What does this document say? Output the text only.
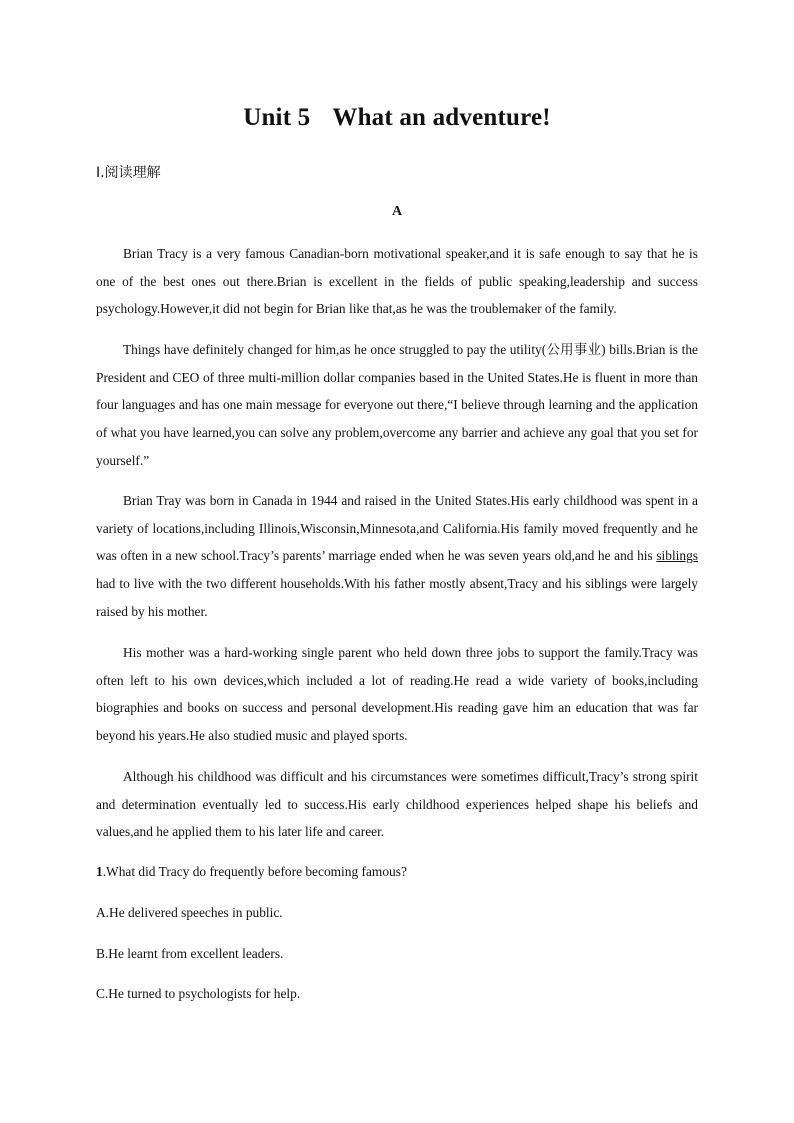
Unit 5 What an adventure!
Ⅰ.阅读理解
A
Brian Tracy is a very famous Canadian-born motivational speaker,and it is safe enough to say that he is one of the best ones out there.Brian is excellent in the fields of public speaking,leadership and success psychology.However,it did not begin for Brian like that,as he was the troublemaker of the family.
Things have definitely changed for him,as he once struggled to pay the utility(公用事业) bills.Brian is the President and CEO of three multi-million dollar companies based in the United States.He is fluent in more than four languages and has one main message for everyone out there,“I believe through learning and the application of what you have learned,you can solve any problem,overcome any barrier and achieve any goal that you set for yourself.”
Brian Tray was born in Canada in 1944 and raised in the United States.His early childhood was spent in a variety of locations,including Illinois,Wisconsin,Minnesota,and California.His family moved frequently and he was often in a new school.Tracy’s parents’ marriage ended when he was seven years old,and he and his siblings had to live with the two different households.With his father mostly absent,Tracy and his siblings were largely raised by his mother.
His mother was a hard-working single parent who held down three jobs to support the family.Tracy was often left to his own devices,which included a lot of reading.He read a wide variety of books,including biographies and books on success and personal development.His reading gave him an education that was far beyond his years.He also studied music and played sports.
Although his childhood was difficult and his circumstances were sometimes difficult,Tracy’s strong spirit and determination eventually led to success.His early childhood experiences helped shape his beliefs and values,and he applied them to his later life and career.
1.What did Tracy do frequently before becoming famous?
A.He delivered speeches in public.
B.He learnt from excellent leaders.
C.He turned to psychologists for help.
